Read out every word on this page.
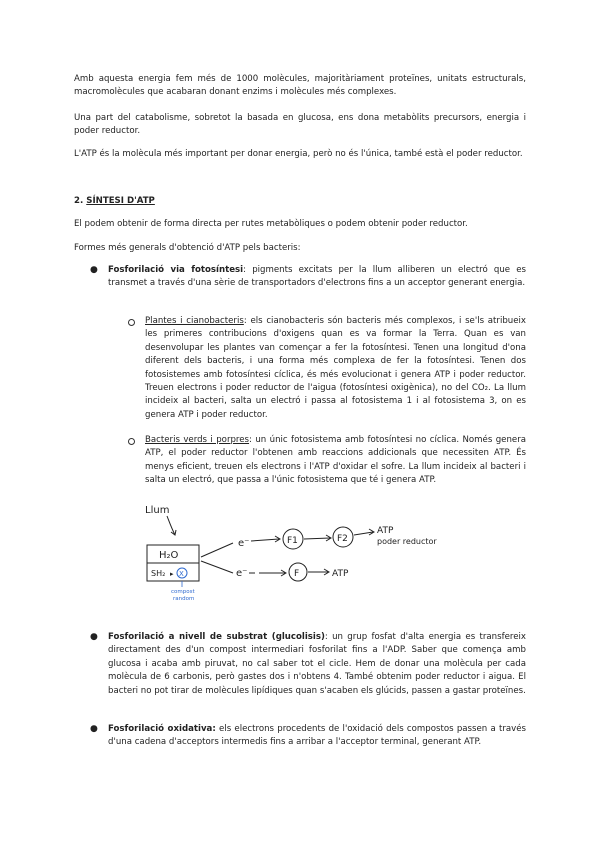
Amb aquesta energia fem més de 1000 molècules, majoritàriament proteïnes, unitats estructurals, macromolècules que acabaran donant enzims i molècules més complexes.

Una part del catabolisme, sobretot la basada en glucosa, ens dona metabòlits precursors, energia i poder reductor.

L'ATP és la molècula més important per donar energia, però no és l'única, també està el poder reductor.

2. SÍNTESI D'ATP

El podem obtenir de forma directa per rutes metabòliques o podem obtenir poder reductor.

Formes més generals d'obtenció d'ATP pels bacteris:

● Fosforilació via fotosíntesi: pigments excitats per la llum alliberen un electró que es transmet a través d'una sèrie de transportadors d'electrons fins a un acceptor generant energia.

Plantes i cianobacteris: els cianobacteris són bacteris més complexos, i se'ls atribueix les primeres contribucions d'oxigens quan es va formar la Terra. Quan es van desenvolupar les plantes van començar a fer la fotosíntesi. Tenen una longitud d'ona diferent dels bacteris, i una forma més complexa de fer la fotosíntesi. Tenen dos fotosistemes amb fotosíntesi cíclica, és més evolucionat i genera ATP i poder reductor. Treuen electrons i poder reductor de l'aigua (fotosíntesi oxigènica), no del CO₂. La llum incideix al bacteri, salta un electró i passa al fotosistema 1 i al fotosistema 3, on es genera ATP i poder reductor.

Bacteris verds i porpres: un únic fotosistema amb fotosíntesi no cíclica. Només genera ATP, el poder reductor l'obtenen amb reaccions addicionals que necessiten ATP. És menys eficient, treuen els electrons i l'ATP d'oxidar el sofre. La llum incideix al bacteri i salta un electró, que passa a l'únic fotosistema que té i genera ATP.

Llum
H₂O
SH₂ ▸ X
compost
random
e⁻
e⁻
F1	F2
ATP
poder reductor
F	ATP
● Fosforilació a nivell de substrat (glucolisis): un grup fosfat d'alta energia es transfereix directament des d'un compost intermediari fosforilat fins a l'ADP. Saber que comença amb glucosa i acaba amb piruvat, no cal saber tot el cicle. Hem de donar una molècula per cada molècula de 6 carbonis, però gastes dos i n'obtens 4. També obtenim poder reductor i aigua. El bacteri no pot tirar de molècules lipídiques quan s'acaben els glúcids, passen a gastar proteïnes.

● Fosforilació oxidativa: els electrons procedents de l'oxidació dels compostos passen a través d'una cadena d'acceptors intermedis fins a arribar a l'acceptor terminal, generant ATP.
